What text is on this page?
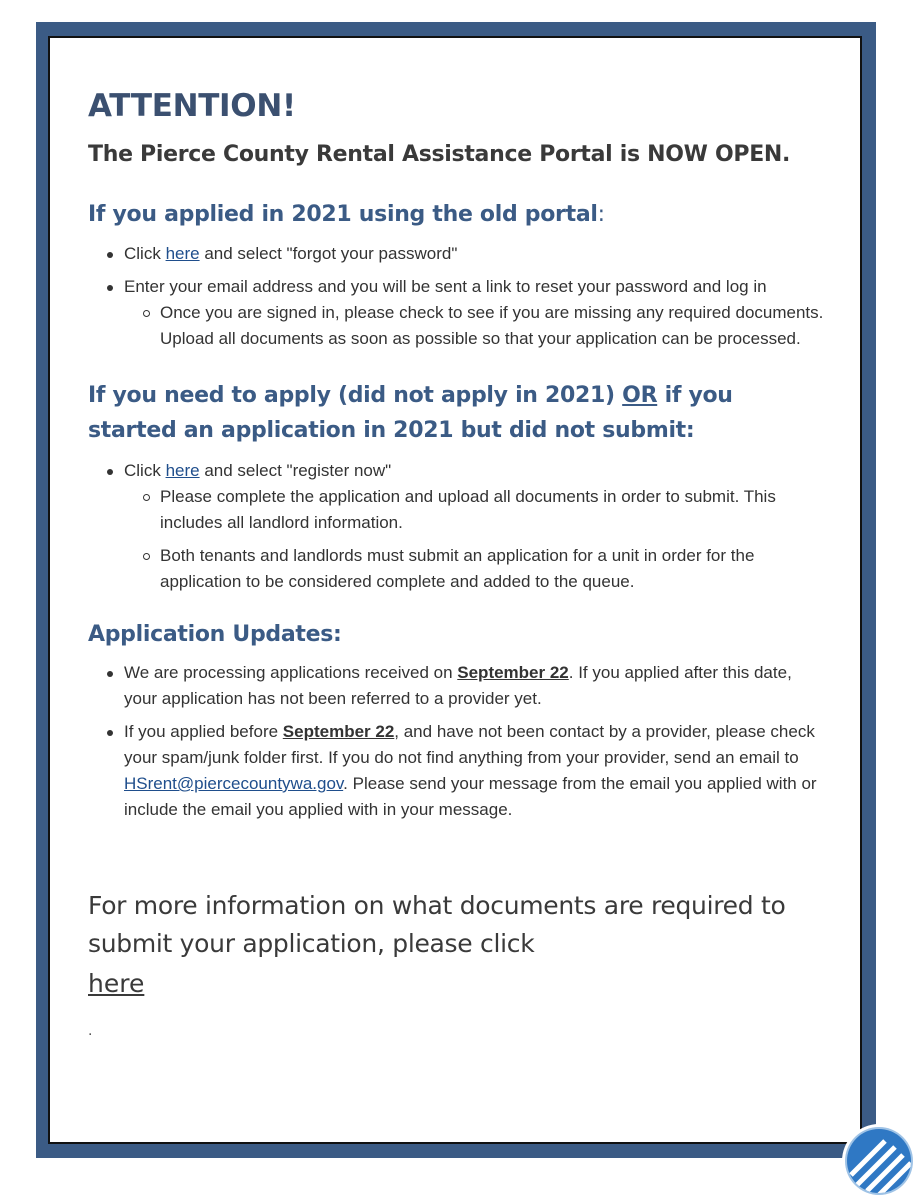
ATTENTION!

The Pierce County Rental Assistance Portal is NOW OPEN.

If you applied in 2021 using the old portal:
Click here and select "forgot your password"
Enter your email address and you will be sent a link to reset your password and log in
Once you are signed in, please check to see if you are missing any required documents. Upload all documents as soon as possible so that your application can be processed.
If you need to apply (did not apply in 2021) OR if you started an application in 2021 but did not submit:
Click here and select "register now"
Please complete the application and upload all documents in order to submit. This includes all landlord information.
Both tenants and landlords must submit an application for a unit in order for the application to be considered complete and added to the queue.
Application Updates:
We are processing applications received on September 22. If you applied after this date, your application has not been referred to a provider yet.
If you applied before September 22, and have not been contact by a provider, please check your spam/junk folder first. If you do not find anything from your provider, send an email to HSrent@piercecountywa.gov. Please send your message from the email you applied with or include the email you applied with in your message.
For more information on what documents are required to submit your application, please click
here
.
